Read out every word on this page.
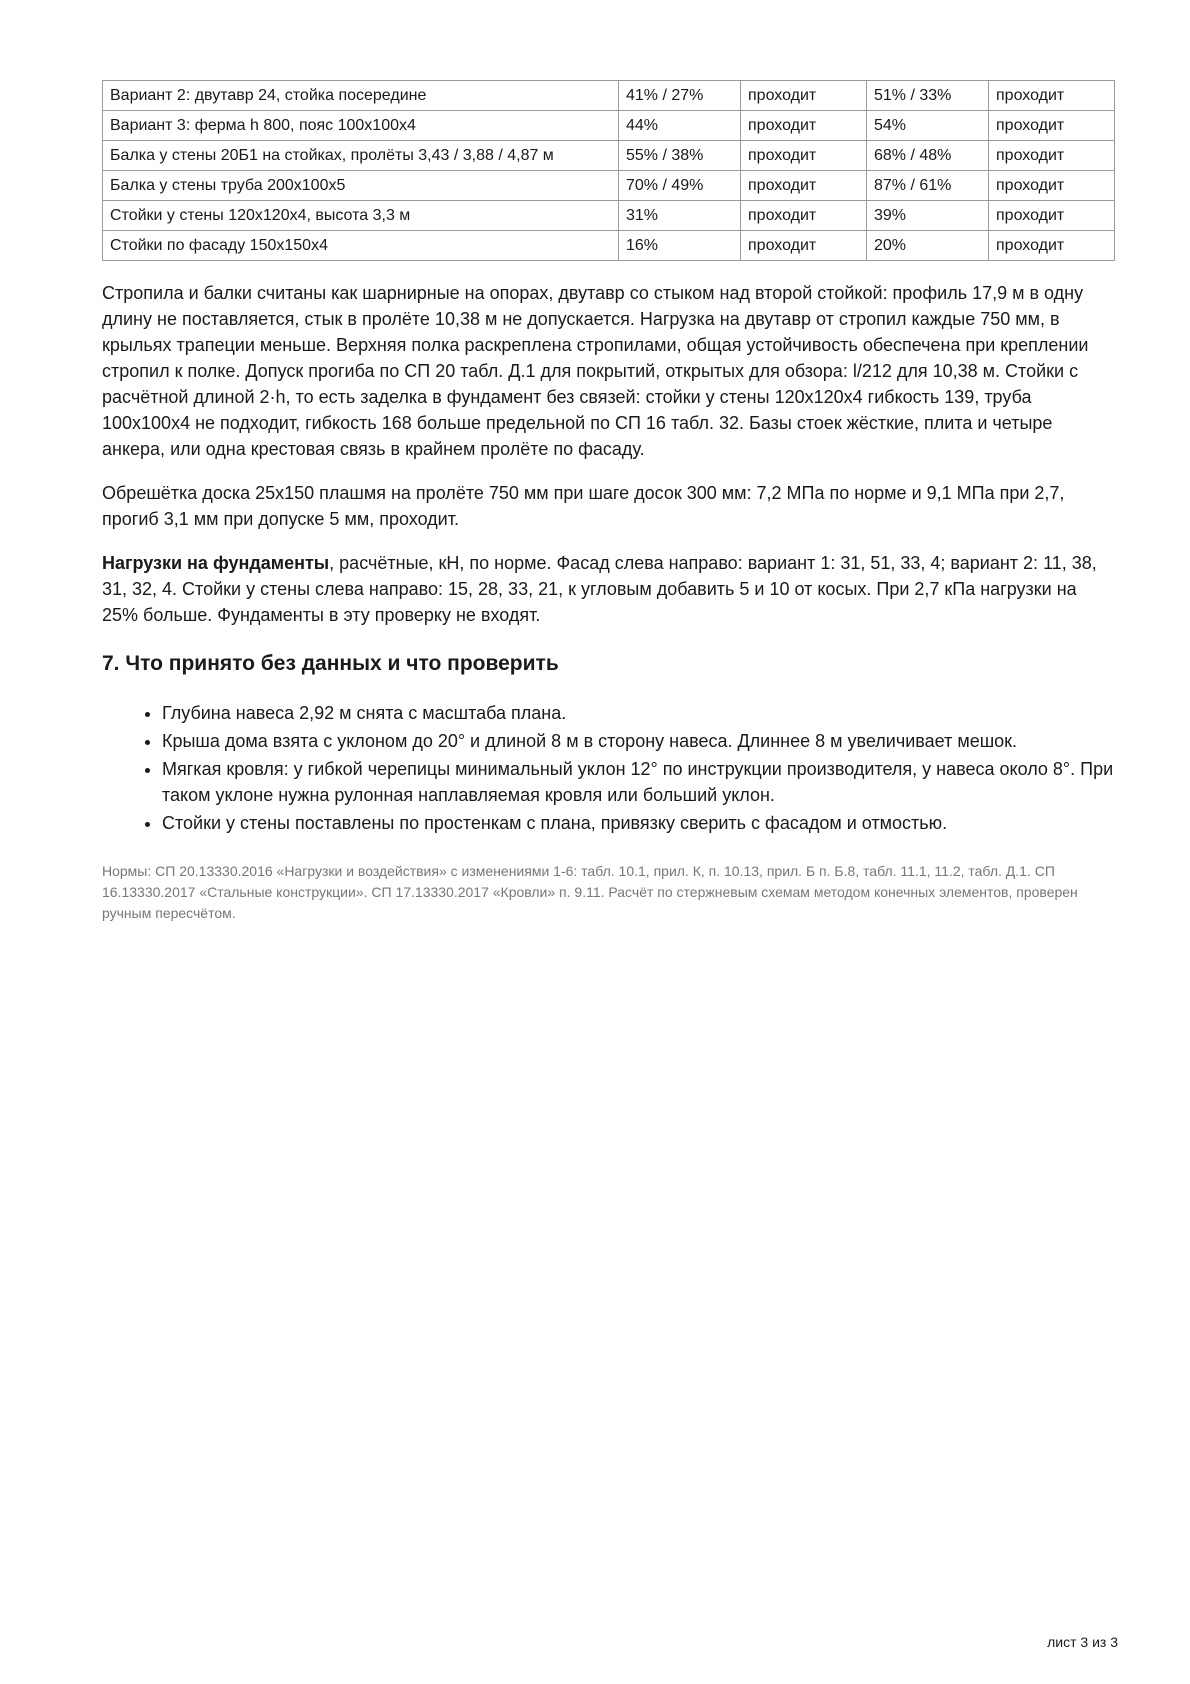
Вариант 2: двутавр 24, стойка посередине	41% / 27%	проходит	51% / 33%	проходит
Вариант 3: ферма h 800, пояс 100х100х4	44%	проходит	54%	проходит
Балка у стены 20Б1 на стойках, пролёты 3,43 / 3,88 / 4,87 м	55% / 38%	проходит	68% / 48%	проходит
Балка у стены труба 200х100х5	70% / 49%	проходит	87% / 61%	проходит
Стойки у стены 120х120х4, высота 3,3 м	31%	проходит	39%	проходит
Стойки по фасаду 150х150х4	16%	проходит	20%	проходит

Стропила и балки считаны как шарнирные на опорах, двутавр со стыком над второй стойкой: профиль 17,9 м в одну длину не поставляется, стык в пролёте 10,38 м не допускается. Нагрузка на двутавр от стропил каждые 750 мм, в крыльях трапеции меньше. Верхняя полка раскреплена стропилами, общая устойчивость обеспечена при креплении стропил к полке. Допуск прогиба по СП 20 табл. Д.1 для покрытий, открытых для обзора: l/212 для 10,38 м. Стойки с расчётной длиной 2·h, то есть заделка в фундамент без связей: стойки у стены 120х120х4 гибкость 139, труба 100х100х4 не подходит, гибкость 168 больше предельной по СП 16 табл. 32. Базы стоек жёсткие, плита и четыре анкера, или одна крестовая связь в крайнем пролёте по фасаду.

Обрешётка доска 25х150 плашмя на пролёте 750 мм при шаге досок 300 мм: 7,2 МПа по норме и 9,1 МПа при 2,7, прогиб 3,1 мм при допуске 5 мм, проходит.

Нагрузки на фундаменты, расчётные, кН, по норме. Фасад слева направо: вариант 1: 31, 51, 33, 4; вариант 2: 11, 38, 31, 32, 4. Стойки у стены слева направо: 15, 28, 33, 21, к угловым добавить 5 и 10 от косых. При 2,7 кПа нагрузки на 25% больше. Фундаменты в эту проверку не входят.

7. Что принято без данных и что проверить
• Глубина навеса 2,92 м снята с масштаба плана.
• Крыша дома взята с уклоном до 20° и длиной 8 м в сторону навеса. Длиннее 8 м увеличивает мешок.
• Мягкая кровля: у гибкой черепицы минимальный уклон 12° по инструкции производителя, у навеса около 8°. При таком уклоне нужна рулонная наплавляемая кровля или больший уклон.
• Стойки у стены поставлены по простенкам с плана, привязку сверить с фасадом и отмостью.

Нормы: СП 20.13330.2016 «Нагрузки и воздействия» с изменениями 1-6: табл. 10.1, прил. К, п. 10.13, прил. Б п. Б.8, табл. 11.1, 11.2, табл. Д.1. СП 16.13330.2017 «Стальные конструкции». СП 17.13330.2017 «Кровли» п. 9.11. Расчёт по стержневым схемам методом конечных элементов, проверен ручным пересчётом.

лист 3 из 3
